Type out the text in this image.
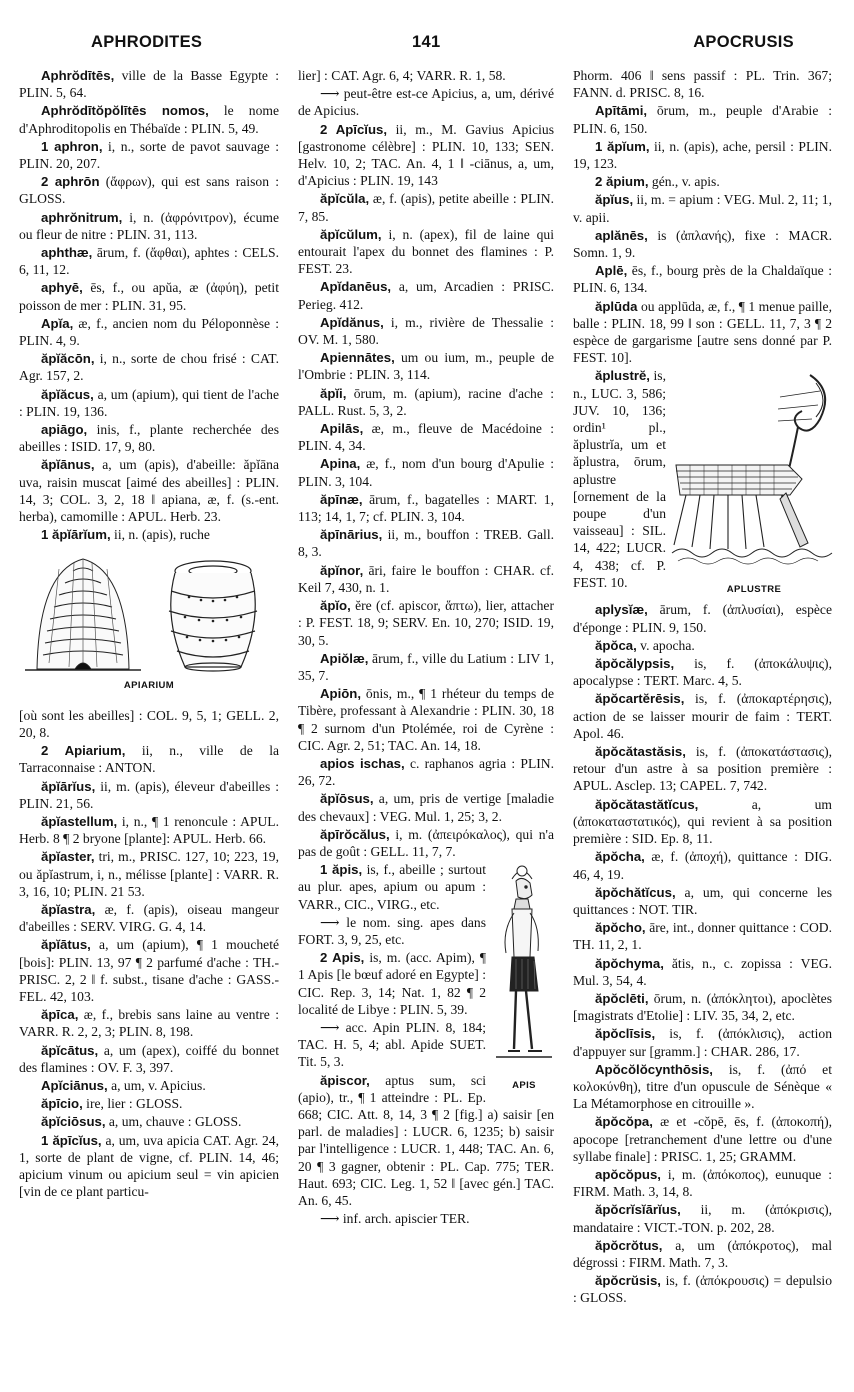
APHRODITES	141	APOCRUSIS
Aphrŏdītēs, ville de la Basse Egypte : PLIN. 5, 64.
Aphrŏdītŏpŏlītēs nomos, le nome d'Aphroditopolis en Thébaïde : PLIN. 5, 49.
1 aphron, i, n., sorte de pavot sauvage : PLIN. 20, 207.
2 aphrōn (ἄφρων), qui est sans raison : GLOSS.
aphrŏnitrum, i, n. (ἀφρόνιτρον), écume ou fleur de nitre : PLIN. 31, 113.
aphthæ, ārum, f. (ἄφθαι), aphtes : CELS. 6, 11, 12.
aphyē, ēs, f., ou apŭa, æ (ἀφύη), petit poisson de mer : PLIN. 31, 95.
Apĭa, æ, f., ancien nom du Péloponnèse : PLIN. 4, 9.
ăpĭăcōn, i, n., sorte de chou frisé : CAT. Agr. 157, 2.
ăpĭăcus, a, um (apium), qui tient de l'ache : PLIN. 19, 136.
apiāgo, inis, f., plante recherchée des abeilles : ISID. 17, 9, 80.
ăpĭānus, a, um (apis), d'abeille: ăpĭāna uva, raisin muscat [aimé des abeilles] : PLIN. 14, 3; COL. 3, 2, 18 ‖ apiana, æ, f. (s.-ent. herba), camomille : APUL. Herb. 23.
1 ăpĭārĭum, ii, n. (apis), ruche
APIARIUM
[où sont les abeilles] : COL. 9, 5, 1; GELL. 2, 20, 8.
2 Apiarium, ii, n., ville de la Tarraconnaise : ANTON.
ăpĭārĭus, ii, m. (apis), éleveur d'abeilles : PLIN. 21, 56.
ăpĭastellum, i, n., ¶ 1 renoncule : APUL. Herb. 8 ¶ 2 bryone [plante]: APUL. Herb. 66.
ăpĭaster, tri, m., PRISC. 127, 10; 223, 19, ou ăpĭastrum, i, n., mélisse [plante] : VARR. R. 3, 16, 10; PLIN. 21 53.
ăpĭastra, æ, f. (apis), oiseau mangeur d'abeilles : SERV. VIRG. G. 4, 14.
ăpĭātus, a, um (apium), ¶ 1 moucheté [bois]: PLIN. 13, 97 ¶ 2 parfumé d'ache : TH.-PRISC. 2, 2 ‖ f. subst., tisane d'ache : GASS.-FEL. 42, 103.
ăpīca, æ, f., brebis sans laine au ventre : VARR. R. 2, 2, 3; PLIN. 8, 198.
ăpĭcātus, a, um (apex), coiffé du bonnet des flamines : OV. F. 3, 397.
Apĭciānus, a, um, v. Apicius.
ăpīcio, ire, lier : GLOSS.
ăpĭciōsus, a, um, chauve : GLOSS.
1 ăpīcĭus, a, um, uva apicia CAT. Agr. 24, 1, sorte de plant de vigne, cf. PLIN. 14, 46; apicium vinum ou apicium seul = vin apicien [vin de ce plant particu-
lier] : CAT. Agr. 6, 4; VARR. R. 1, 58.
⟶ peut-être est-ce Apicius, a, um, dérivé de Apicius.
2 Apīcĭus, ii, m., M. Gavius Apicius [gastronome célèbre] : PLIN. 10, 133; SEN. Helv. 10, 2; TAC. An. 4, 1 ‖ -ciānus, a, um, d'Apicius : PLIN. 19, 143
ăpĭcŭla, æ, f. (apis), petite abeille : PLIN. 7, 85.
ăpĭcŭlum, i, n. (apex), fil de laine qui entourait l'apex du bonnet des flamines : P. FEST. 23.
Apĭdanēus, a, um, Arcadien : PRISC. Perieg. 412.
Apĭdănus, i, m., rivière de Thessalie : OV. M. 1, 580.
Apiennātes, um ou ium, m., peuple de l'Ombrie : PLIN. 3, 114.
ăpĭi, ōrum, m. (apium), racine d'ache : PALL. Rust. 5, 3, 2.
Apilās, æ, m., fleuve de Macédoine : PLIN. 4, 34.
Apina, æ, f., nom d'un bourg d'Apulie : PLIN. 3, 104.
ăpīnæ, ārum, f., bagatelles : MART. 1, 113; 14, 1, 7; cf. PLIN. 3, 104.
ăpīnārius, ii, m., bouffon : TREB. Gall. 8, 3.
ăpĭnor, āri, faire le bouffon : CHAR. cf. Keil 7, 430, n. 1.
ăpĭo, ĕre (cf. apiscor, ἅπτω), lier, attacher : P. FEST. 18, 9; SERV. En. 10, 270; ISID. 19, 30, 5.
Apiŏlæ, ārum, f., ville du Latium : LIV 1, 35, 7.
Apiōn, ōnis, m., ¶ 1 rhéteur du temps de Tibère, professant à Alexandrie : PLIN. 30, 18 ¶ 2 surnom d'un Ptolémée, roi de Cyrène : CIC. Agr. 2, 51; TAC. An. 14, 18.
apios ischas, c. raphanos agria : PLIN. 26, 72.
ăpĭōsus, a, um, pris de vertige [maladie des chevaux] : VEG. Mul. 1, 25; 3, 2.
ăpīrŏcălus, i, m. (ἀπειρόκαλος), qui n'a pas de goût : GELL. 11, 7, 7.
APIS
1 ăpis, is, f., abeille ; surtout au plur. apes, apium ou apum : VARR., CIC., VIRG., etc.
⟶ le nom. sing. apes dans FORT. 3, 9, 25, etc.
2 Apis, is, m. (acc. Apim), ¶ 1 Apis [le bœuf adoré en Egypte] : CIC. Rep. 3, 14; Nat. 1, 82 ¶ 2 localité de Libye : PLIN. 5, 39.
⟶ acc. Apin PLIN. 8, 184; TAC. H. 5, 4; abl. Apide SUET. Tit. 5, 3.
ăpiscor, aptus sum, sci (apio), tr., ¶ 1 atteindre : PL. Ep. 668; CIC. Att. 8, 14, 3 ¶ 2 [fig.] a) saisir [en parl. de maladies] : LUCR. 6, 1235; b) saisir par l'intelligence : LUCR. 1, 448; TAC. An. 6, 20 ¶ 3 gagner, obtenir : PL. Cap. 775; TER. Haut. 693; CIC. Leg. 1, 52 ‖ [avec gén.] TAC. An. 6, 45.
⟶ inf. arch. apiscier TER.
Phorm. 406 ‖ sens passif : PL. Trin. 367; FANN. d. PRISC. 8, 16.
Apītāmi, ōrum, m., peuple d'Arabie : PLIN. 6, 150.
1 ăpĭum, ii, n. (apis), ache, persil : PLIN. 19, 123.
2 ăpium, gén., v. apis.
ăpĭus, ii, m. = apium : VEG. Mul. 2, 11; 1, v. apii.
aplănēs, is (ἀπλανής), fixe : MACR. Somn. 1, 9.
Aplē, ēs, f., bourg près de la Chaldaïque : PLIN. 6, 134.
ăplūda ou applūda, æ, f., ¶ 1 menue paille, balle : PLIN. 18, 99 ‖ son : GELL. 11, 7, 3 ¶ 2 espèce de gargarisme [autre sens donné par P. FEST. 10].
APLUSTRE
ăplustrĕ, is, n., LUC. 3, 586; JUV. 10, 136; ordin¹ pl., ăplustrĭa, um et ăplustra, ōrum, aplustre [ornement de la poupe d'un vaisseau] : SIL. 14, 422; LUCR. 4, 438; cf. P. FEST. 10.
aplysĭæ, ārum, f. (ἀπλυσίαι), espèce d'éponge : PLIN. 9, 150.
ăpŏca, v. apocha.
ăpŏcălypsis, is, f. (ἀποκάλυψις), apocalypse : TERT. Marc. 4, 5.
ăpŏcartĕrēsis, is, f. (ἀποκαρτέρησις), action de se laisser mourir de faim : TERT. Apol. 46.
ăpŏcătastăsis, is, f. (ἀποκατάστασις), retour d'un astre à sa position première : APUL. Asclep. 13; CAPEL. 7, 742.
ăpŏcătastătĭcus, a, um (ἀποκαταστατικός), qui revient à sa position première : SID. Ep. 8, 11.
ăpŏcha, æ, f. (ἀποχή), quittance : DIG. 46, 4, 19.
ăpŏchătĭcus, a, um, qui concerne les quittances : NOT. TIR.
ăpŏcho, āre, int., donner quittance : COD. TH. 11, 2, 1.
ăpŏchyma, ătis, n., c. zopissa : VEG. Mul. 3, 54, 4.
ăpŏclēti, ōrum, n. (ἀπόκλητοι), apoclètes [magistrats d'Etolie] : LIV. 35, 34, 2, etc.
ăpŏclīsis, is, f. (ἀπόκλισις), action d'appuyer sur [gramm.] : CHAR. 286, 17.
Apŏcŏlŏcynthōsis, is, f. (ἀπό et κολοκύνθη), titre d'un opuscule de Sénèque « La Métamorphose en citrouille ».
ăpŏcŏpa, æ et -cŏpē, ēs, f. (ἀποκοπή), apocope [retranchement d'une lettre ou d'une syllabe finale] : PRISC. 1, 25; GRAMM.
apŏcŏpus, i, m. (ἀπόκοπος), eunuque : FIRM. Math. 3, 14, 8.
ăpŏcrĭsĭārĭus, ii, m. (ἀπόκρισις), mandataire : VICT.-TON. p. 202, 28.
ăpŏcrŏtus, a, um (ἀπόκροτος), mal dégrossi : FIRM. Math. 7, 3.
ăpŏcrŭsis, is, f. (ἀπόκρουσις) = depulsio : GLOSS.
